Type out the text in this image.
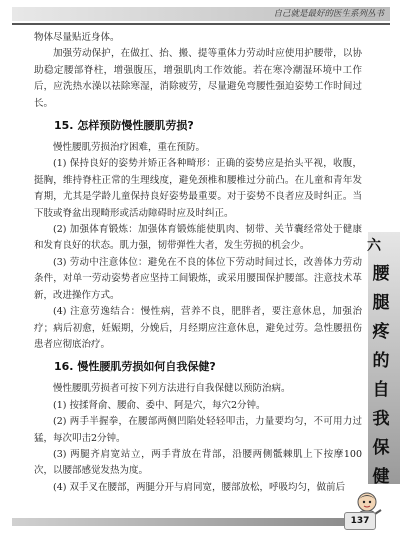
自己就是最好的医生系列丛书

物体尽量贴近身体。

加强劳动保护，在做扛、抬、搬、提等重体力劳动时应使用护腰带，以协助稳定腰部脊柱，增强腹压，增强肌肉工作效能。若在寒冷潮湿环境中工作后，应洗热水澡以祛除寒湿，消除疲劳，尽量避免弯腰性强迫姿势工作时间过长。

15. 怎样预防慢性腰肌劳损?

慢性腰肌劳损治疗困难，重在预防。

(1) 保持良好的姿势并矫正各种畸形：正确的姿势应是抬头平视，收腹，挺胸，维持脊柱正常的生理线度，避免颈椎和腰椎过分前凸。在儿童和青年发育期，尤其是学龄儿童保持良好姿势最重要。对于姿势不良者应及时纠正。当下肢或脊盆出现畸形或活动障碍时应及时纠正。

(2) 加强体育锻炼：加强体育锻炼能使肌肉、韧带、关节囊经常处于健康和发育良好的状态。肌力强，韧带弹性大者，发生劳损的机会少。

(3) 劳动中注意体位：避免在不良的体位下劳动时间过长，改善体力劳动条件，对单一劳动姿势者应坚持工间锻炼，或采用腰围保护腰部。注意技术革新，改进操作方式。

(4) 注意劳逸结合：慢性病，营养不良，肥胖者，要注意休息，加强治疗；病后初愈，妊娠期，分娩后，月经期应注意休息，避免过劳。急性腰扭伤患者应彻底治疗。

16. 慢性腰肌劳损如何自我保健?

慢性腰肌劳损者可按下列方法进行自我保健以预防治病。

(1) 按揉肾俞、腰俞、委中、阿是穴，每穴2分钟。

(2) 两手半握拳，在腰部两侧凹陷处轻轻叩击，力量要均匀，不可用力过猛，每次叩击2分钟。

(3) 两腿齐肩宽站立，两手背放在背部，沿腰两侧骶棘肌上下按摩100次，以腰部感觉发热为度。

(4) 双手叉在腰部，两腿分开与肩同宽，腰部放松，呼吸均匀，做前后

六
腰腿疼的自我保健
137
